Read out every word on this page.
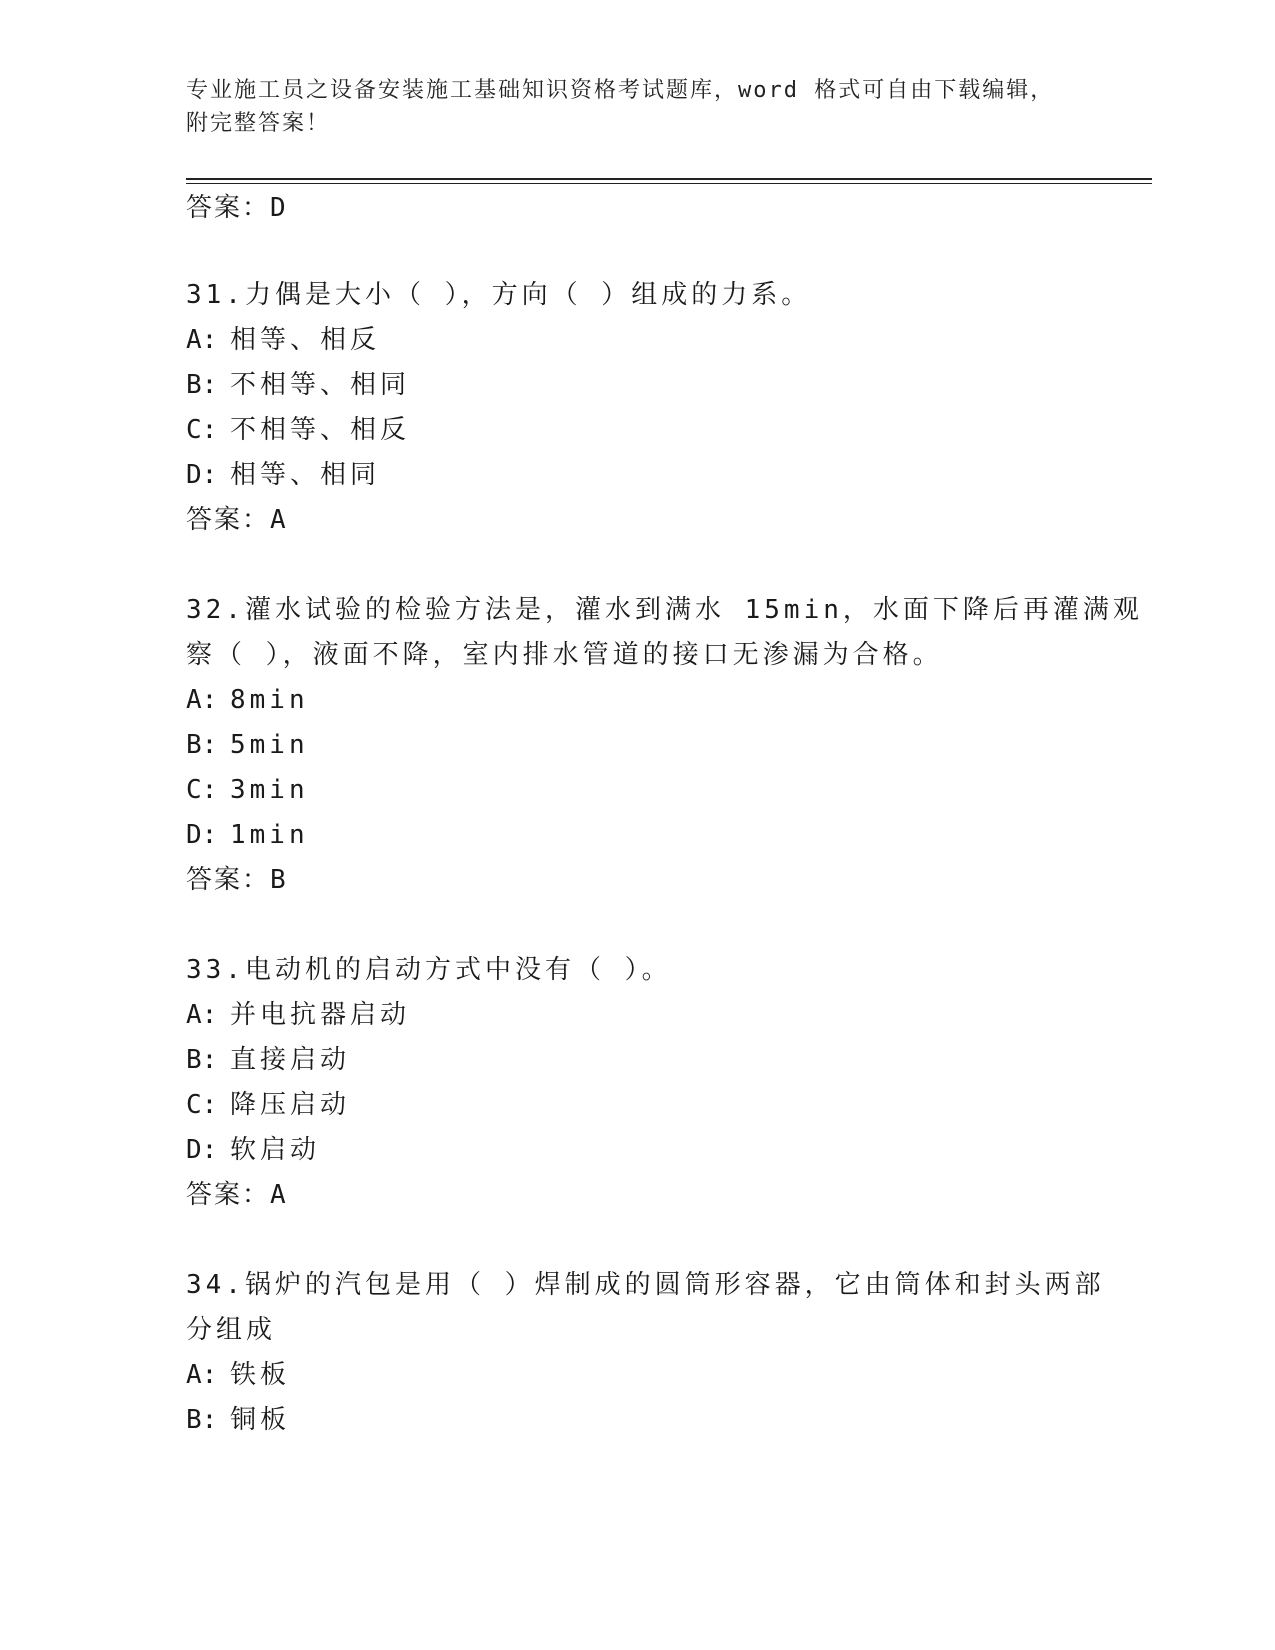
专业施工员之设备安装施工基础知识资格考试题库，word 格式可自由下载编辑，
附完整答案！
答案：D
31.力偶是大小（ ），方向（ ）组成的力系。
A: 相等、相反
B: 不相等、相同
C: 不相等、相反
D: 相等、相同
答案：A
32.灌水试验的检验方法是，灌水到满水 15min，水面下降后再灌满观
察（ ），液面不降，室内排水管道的接口无渗漏为合格。
A: 8min
B: 5min
C: 3min
D: 1min
答案：B
33.电动机的启动方式中没有（ ）。
A: 并电抗器启动
B: 直接启动
C: 降压启动
D: 软启动
答案：A
34.锅炉的汽包是用（ ）焊制成的圆筒形容器，它由筒体和封头两部
分组成
A: 铁板
B: 铜板
